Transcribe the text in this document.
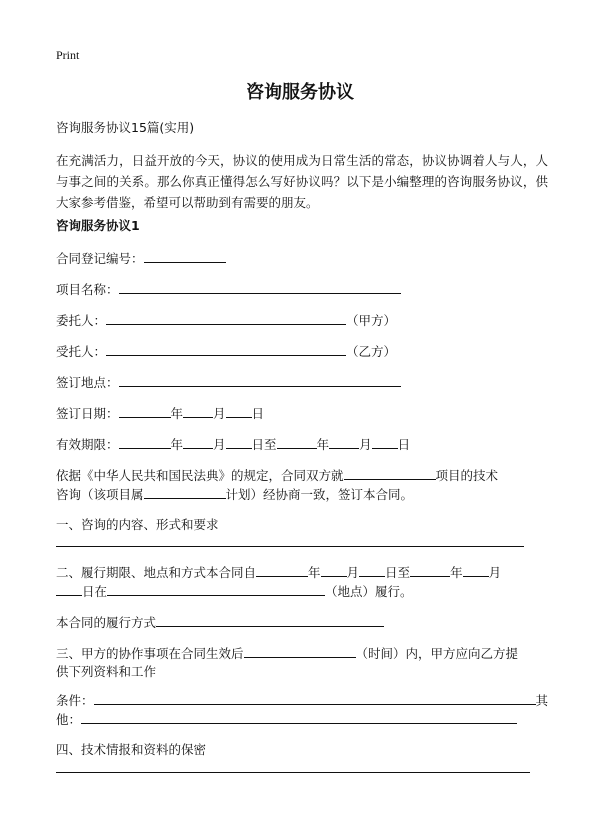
Print
咨询服务协议
咨询服务协议15篇(实用)
在充满活力，日益开放的今天，协议的使用成为日常生活的常态，协议协调着人与人，人与事之间的关系。那么你真正懂得怎么写好协议吗？以下是小编整理的咨询服务协议，供大家参考借鉴，希望可以帮助到有需要的朋友。
咨询服务协议1
合同登记编号：
项目名称：
委托人：	（甲方）
受托人：	（乙方）
签订地点：
签订日期：	年 月 日
有效期限：	年 月 日至	年 月 日
依据《中华人民共和国民法典》的规定，合同双方就	项目的技术
咨询（该项目属	计划）经协商一致，签订本合同。
一、咨询的内容、形式和要求
二、履行期限、地点和方式本合同自	年 月 日至	年 月
日在	（地点）履行。
本合同的履行方式
三、甲方的协作事项在合同生效后	（时间）内，甲方应向乙方提
供下列资料和工作
条件：	其
他：
四、技术情报和资料的保密
